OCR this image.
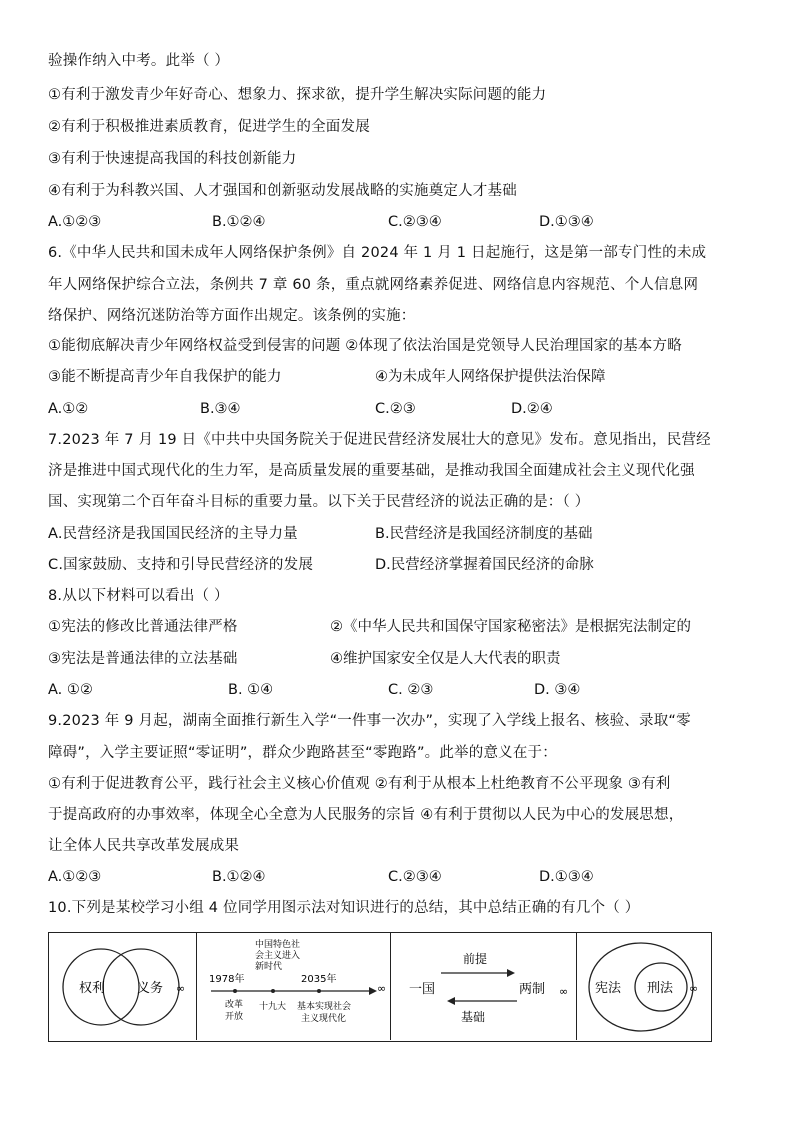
验操作纳入中考。此举（ ）
①有利于激发青少年好奇心、想象力、探求欲，提升学生解决实际问题的能力
②有利于积极推进素质教育，促进学生的全面发展
③有利于快速提高我国的科技创新能力
④有利于为科教兴国、人才强国和创新驱动发展战略的实施奠定人才基础
A.①②③	B.①②④	C.②③④	D.①③④
6.《中华人民共和国未成年人网络保护条例》自 2024 年 1 月 1 日起施行，这是第一部专门性的未成
年人网络保护综合立法，条例共 7 章 60 条，重点就网络素养促进、网络信息内容规范、个人信息网
络保护、网络沉迷防治等方面作出规定。该条例的实施：
①能彻底解决青少年网络权益受到侵害的问题 ②体现了依法治国是党领导人民治理国家的基本方略
③能不断提高青少年自我保护的能力	④为未成年人网络保护提供法治保障
A.①②	B.③④	C.②③	D.②④
7.2023 年 7 月 19 日《中共中央国务院关于促进民营经济发展壮大的意见》发布。意见指出，民营经
济是推进中国式现代化的生力军，是高质量发展的重要基础，是推动我国全面建成社会主义现代化强
国、实现第二个百年奋斗目标的重要力量。以下关于民营经济的说法正确的是：（ ）
A.民营经济是我国国民经济的主导力量	B.民营经济是我国经济制度的基础
C.国家鼓励、支持和引导民营经济的发展	D.民营经济掌握着国民经济的命脉
8.从以下材料可以看出（ ）
①宪法的修改比普通法律严格	②《中华人民共和国保守国家秘密法》是根据宪法制定的
③宪法是普通法律的立法基础	④维护国家安全仅是人大代表的职责
A. ①②	B. ①④	C. ②③	D. ③④
9.2023 年 9 月起，湖南全面推行新生入学“一件事一次办”，实现了入学线上报名、核验、录取“零
障碍”，入学主要证照“零证明”，群众少跑路甚至“零跑路”。此举的意义在于：
①有利于促进教育公平，践行社会主义核心价值观 ②有利于从根本上杜绝教育不公平现象 ③有利
于提高政府的办事效率，体现全心全意为人民服务的宗旨 ④有利于贯彻以人民为中心的发展思想，
让全体人民共享改革发展成果
A.①②③	B.①②④	C.②③④	D.①③④
10.下列是某校学习小组 4 位同学用图示法对知识进行的总结，其中总结正确的有几个（ ）
权利 义务 ∞
中国特色社
会主义进入
新时代
1978年	2035年
改革
开放
十九大 基本实现社会
主义现代化
∞
前提
一国	两制
基础
∞ 宪法 刑法 ∞
